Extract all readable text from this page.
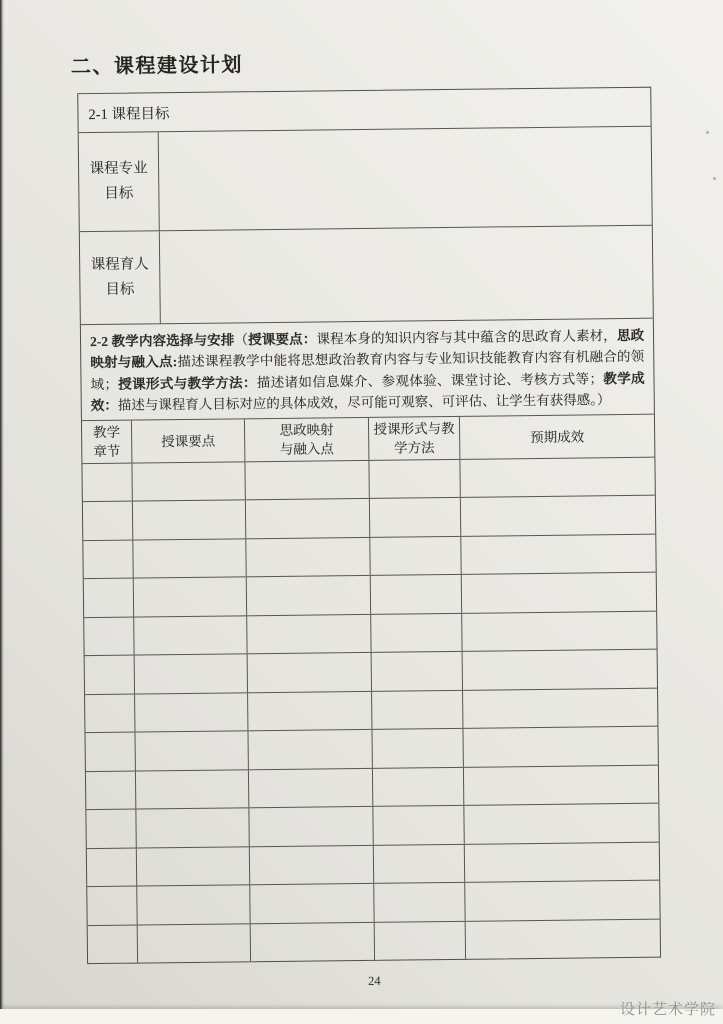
二、课程建设计划
2-1 课程目标
课程专业
目标
课程育人
目标
2-2 教学内容选择与安排（授课要点：课程本身的知识内容与其中蕴含的思政育人素材，思政映射与融入点:描述课程教学中能将思想政治教育内容与专业知识技能教育内容有机融合的领域；授课形式与教学方法：描述诸如信息媒介、参观体验、课堂讨论、考核方式等；教学成效：描述与课程育人目标对应的具体成效，尽可能可观察、可评估、让学生有获得感。）
教学
章节
授课要点
思政映射
与融入点
授课形式与教
学方法
预期成效
24
设计艺术学院
